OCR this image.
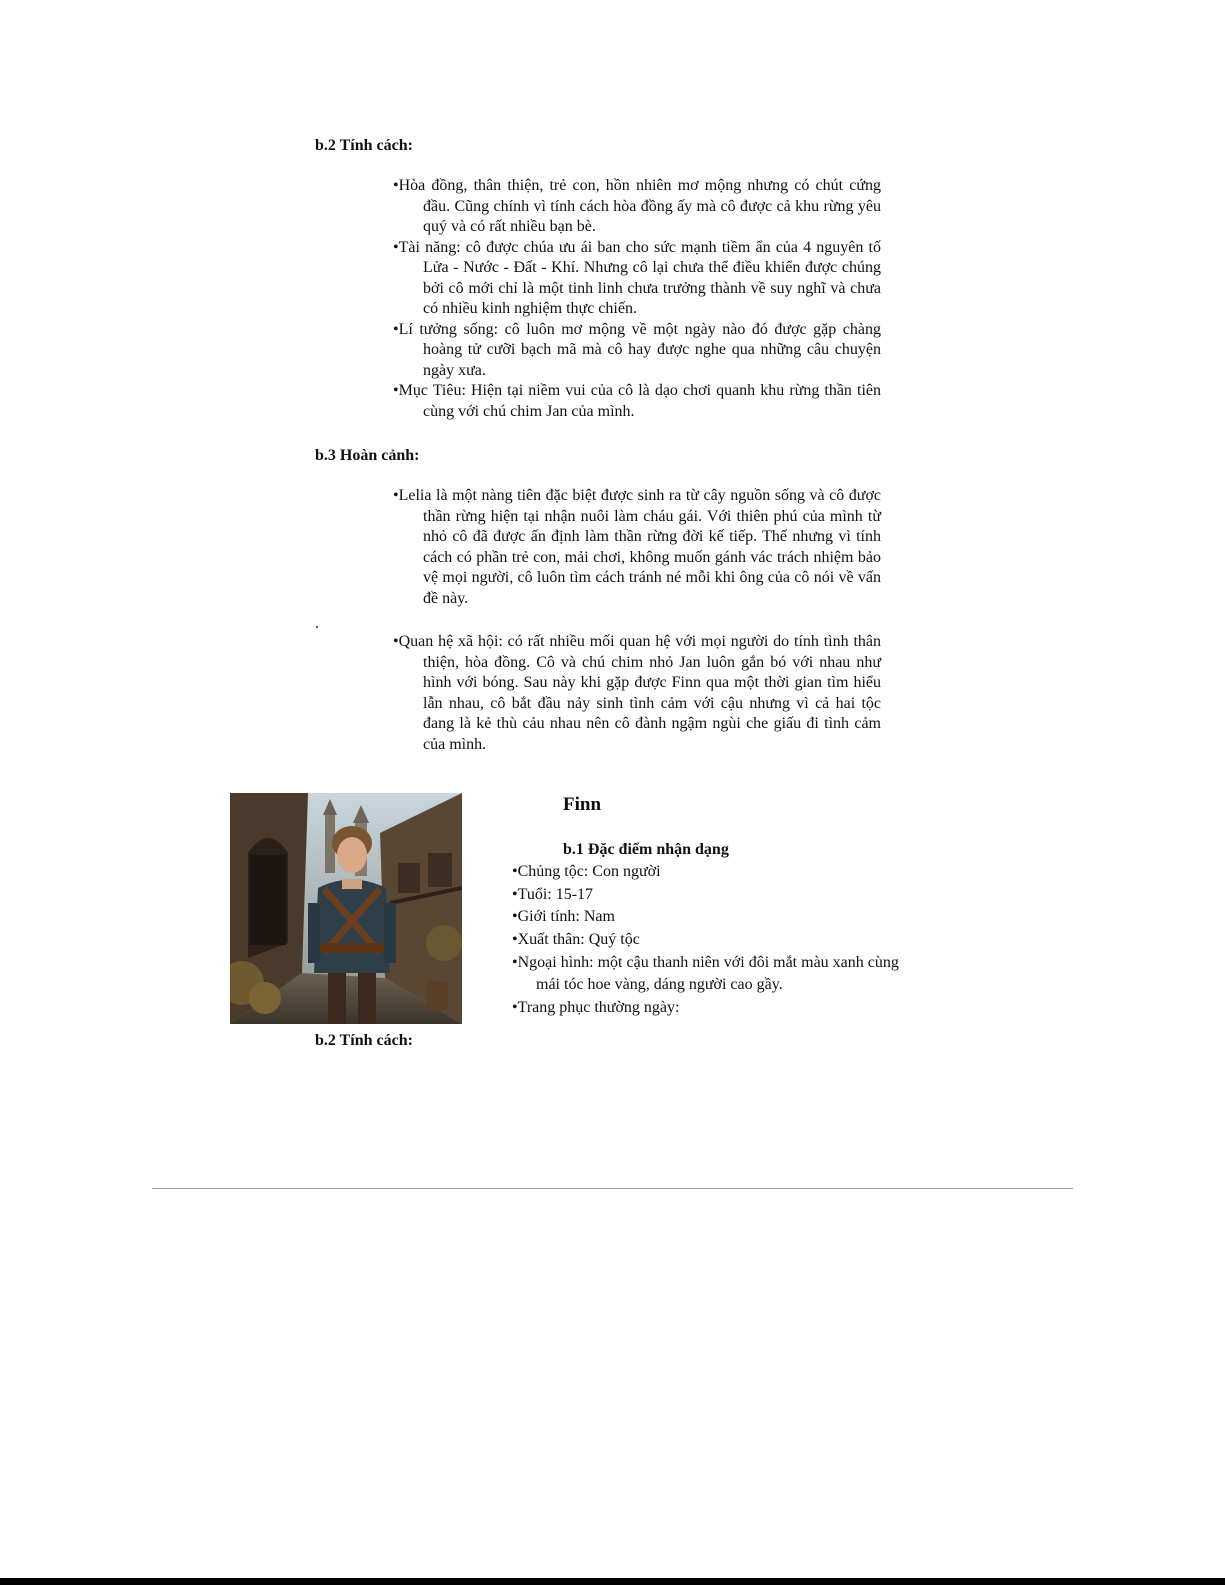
b.2 Tính cách:

•Hòa đồng, thân thiện, trẻ con, hồn nhiên mơ mộng nhưng có chút cứng đầu. Cũng chính vì tính cách hòa đồng ấy mà cô được cả khu rừng yêu quý và có rất nhiều bạn bè.

•Tài năng: cô được chúa ưu ái ban cho sức mạnh tiềm ẩn của 4 nguyên tố Lửa - Nước - Đất - Khí. Nhưng cô lại chưa thể điều khiển được chúng bởi cô mới chỉ là một tinh linh chưa trưởng thành về suy nghĩ và chưa có nhiều kinh nghiệm thực chiến.

•Lí tưởng sống: cô luôn mơ mộng về một ngày nào đó được gặp chàng hoàng tử cưỡi bạch mã mà cô hay được nghe qua những câu chuyện ngày xưa.

•Mục Tiêu: Hiện tại niềm vui của cô là dạo chơi quanh khu rừng thần tiên cùng với chú chim Jan của mình.

b.3 Hoàn cảnh:

•Lelia là một nàng tiên đặc biệt được sinh ra từ cây nguồn sống và cô được thần rừng hiện tại nhận nuôi làm cháu gái. Với thiên phú của mình từ nhỏ cô đã được ấn định làm thần rừng đời kế tiếp. Thế nhưng vì tính cách có phần trẻ con, mải chơi, không muốn gánh vác trách nhiệm bảo vệ mọi người, cô luôn tìm cách tránh né mỗi khi ông của cô nói về vấn đề này.

.

•Quan hệ xã hội: có rất nhiều mối quan hệ với mọi người do tính tình thân thiện, hòa đồng. Cô và chú chim nhỏ Jan luôn gắn bó với nhau như hình với bóng. Sau này khi gặp được Finn qua một thời gian tìm hiểu lẫn nhau, cô bắt đầu nảy sinh tình cảm với cậu nhưng vì cả hai tộc đang là kẻ thù cảu nhau nên cô đành ngậm ngùi che giấu đi tình cảm của mình.

Finn
b.1 Đặc điểm nhận dạng

•Chủng tộc: Con người

•Tuổi: 15-17

•Giới tính: Nam

•Xuất thân: Quý tộc

•Ngoại hình: một cậu thanh niên với đôi mắt màu xanh cùng mái tóc hoe vàng, dáng người cao gầy.

•Trang phục thường ngày:

b.2 Tính cách:
